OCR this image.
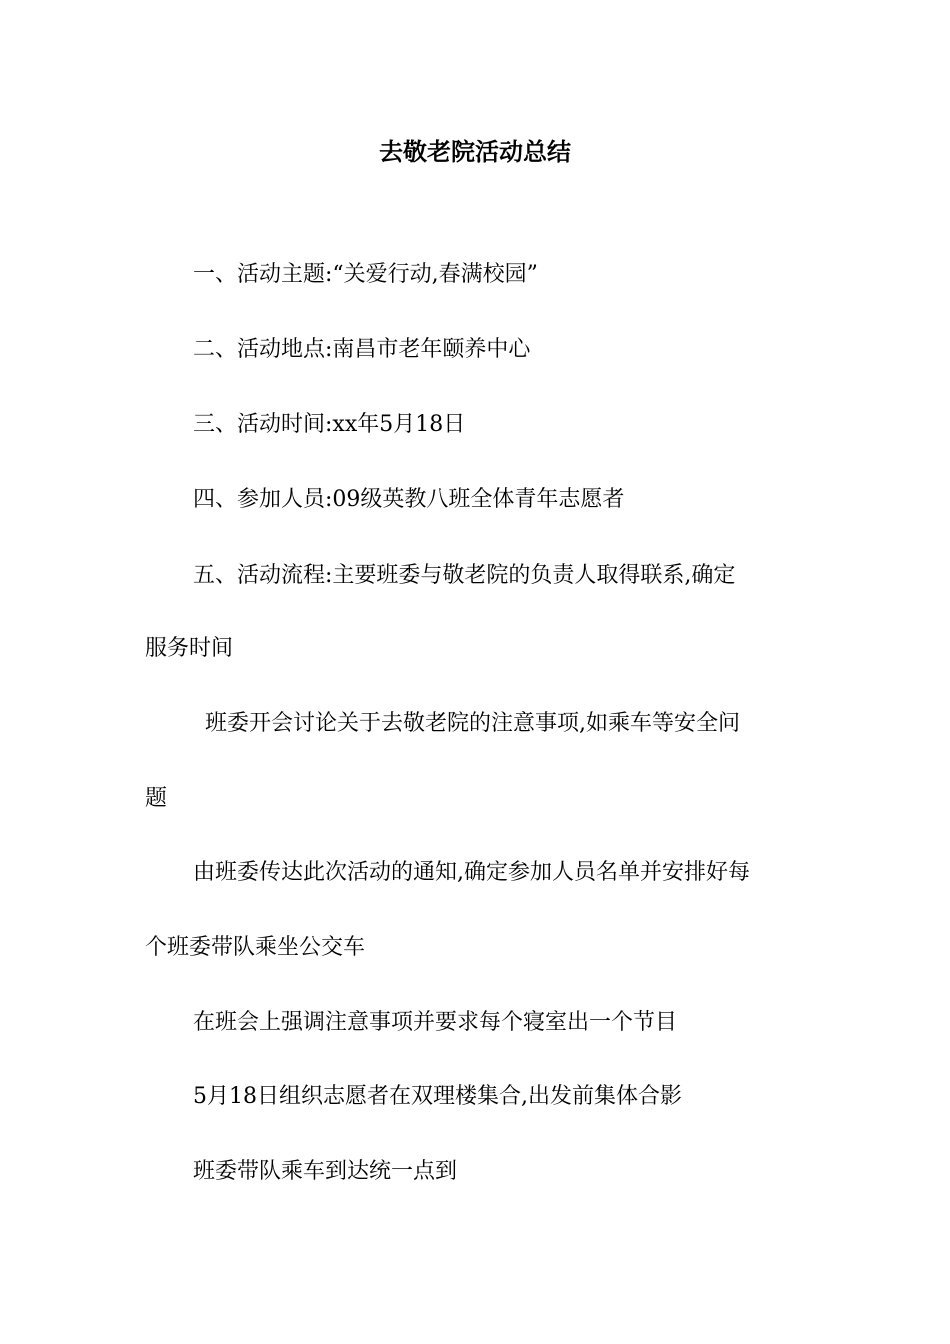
去敬老院活动总结
一、活动主题:“关爱行动,春满校园”
二、活动地点:南昌市老年颐养中心
三、活动时间:xx年5月18日
四、参加人员:09级英教八班全体青年志愿者
五、活动流程:主要班委与敬老院的负责人取得联系,确定
服务时间
班委开会讨论关于去敬老院的注意事项,如乘车等安全问
题
由班委传达此次活动的通知,确定参加人员名单并安排好每
个班委带队乘坐公交车
在班会上强调注意事项并要求每个寝室出一个节目
5月18日组织志愿者在双理楼集合,出发前集体合影
班委带队乘车到达统一点到
